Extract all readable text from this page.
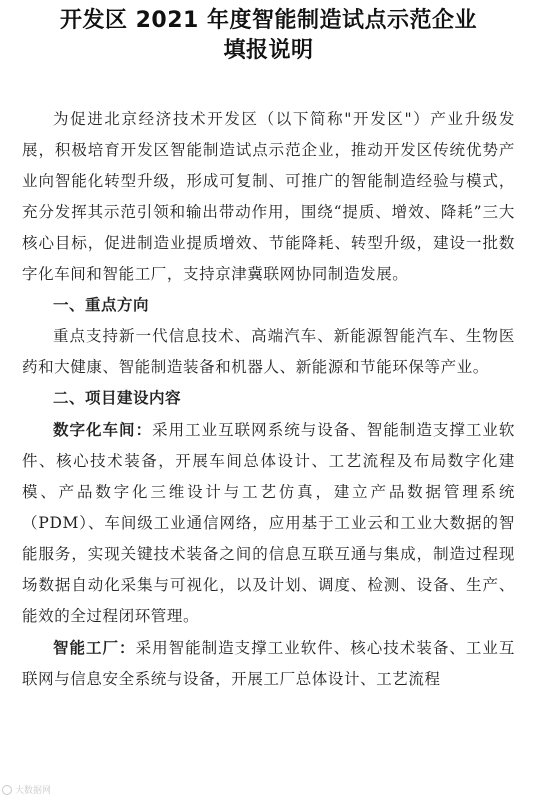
开发区 2021 年度智能制造试点示范企业
填报说明

为促进北京经济技术开发区（以下简称"开发区"）产业升级发展，积极培育开发区智能制造试点示范企业，推动开发区传统优势产业向智能化转型升级，形成可复制、可推广的智能制造经验与模式，充分发挥其示范引领和输出带动作用，围绕“提质、增效、降耗”三大核心目标，促进制造业提质增效、节能降耗、转型升级，建设一批数字化车间和智能工厂，支持京津冀联网协同制造发展。

一、重点方向

重点支持新一代信息技术、高端汽车、新能源智能汽车、生物医药和大健康、智能制造装备和机器人、新能源和节能环保等产业。

二、项目建设内容

数字化车间：采用工业互联网系统与设备、智能制造支撑工业软件、核心技术装备，开展车间总体设计、工艺流程及布局数字化建模、产品数字化三维设计与工艺仿真，建立产品数据管理系统（PDM）、车间级工业通信网络，应用基于工业云和工业大数据的智能服务，实现关键技术装备之间的信息互联互通与集成，制造过程现场数据自动化采集与可视化，以及计划、调度、检测、设备、生产、能效的全过程闭环管理。

智能工厂：采用智能制造支撑工业软件、核心技术装备、工业互联网与信息安全系统与设备，开展工厂总体设计、工艺流程

大数据网
